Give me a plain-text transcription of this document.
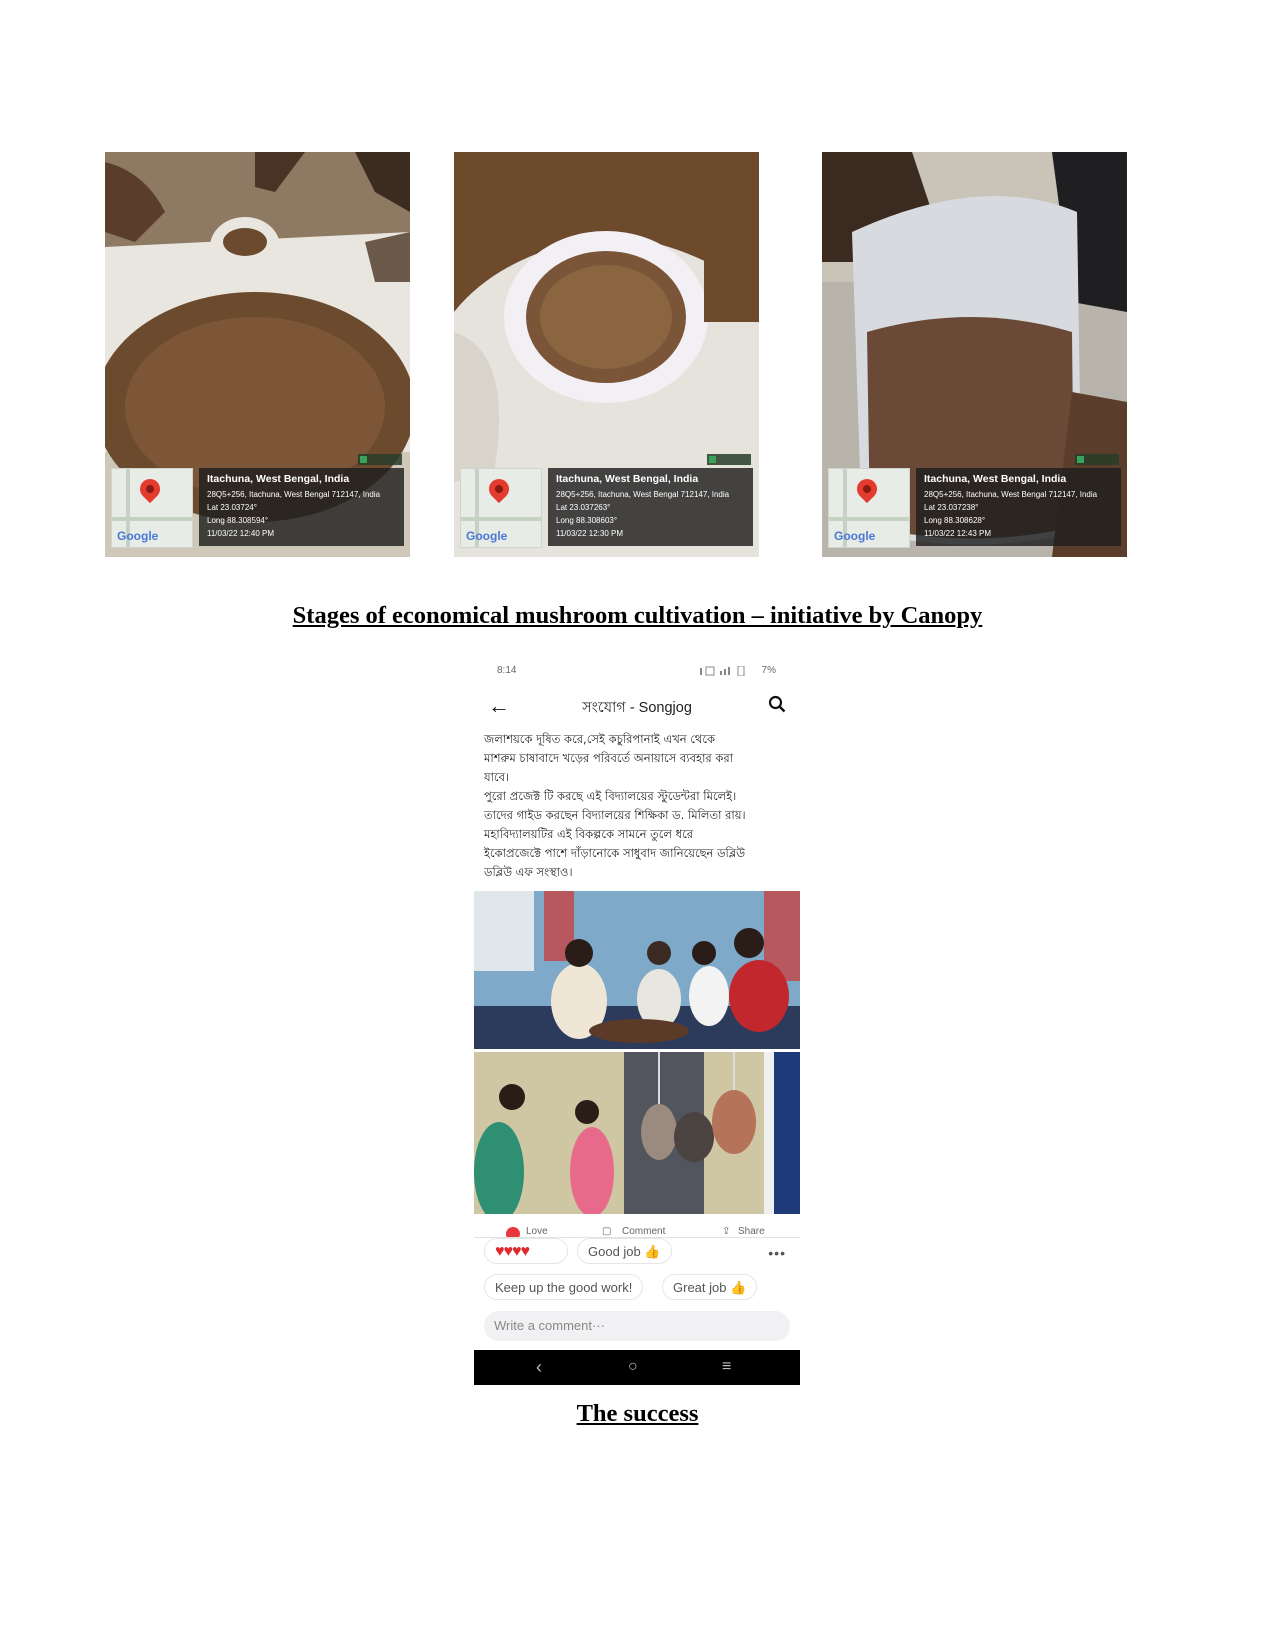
Google
Itachuna, West Bengal, India
28Q5+256, Itachuna, West Bengal 712147, India
Lat 23.03724°
Long 88.308594°
11/03/22 12:40 PM	Google
Itachuna, West Bengal, India
28Q5+256, Itachuna, West Bengal 712147, India
Lat 23.037263°
Long 88.308603°
11/03/22 12:30 PM	Google
Itachuna, West Bengal, India
28Q5+256, Itachuna, West Bengal 712147, India
Lat 23.037238°
Long 88.308628°
11/03/22 12:43 PM
Stages of economical mushroom cultivation – initiative by Canopy
8:14	7%
←	সংযোগ - Songjog

জলাশয়কে দূষিত করে,সেই কচুরিপানাই এখন থেকে

মাশরুম চাষাবাদে খড়ের পরিবর্তে অনায়াসে ব্যবহার করা

যাবে।

পুরো প্রজেক্ট টি করছে এই বিদ্যালয়ের স্টুডেন্টরা মিলেই।

তাদের গাইড করছেন বিদ্যালয়ের শিক্ষিকা ড. মিলিতা রায়।

মহাবিদ্যালয়টির এই বিকল্পকে সামনে তুলে ধরে

ইকোপ্রজেক্টে পাশে দাঁড়ানোকে সাধুবাদ জানিয়েছেন ডব্লিউ

ডব্লিউ এফ সংস্থাও।

Love	▢ Comment	⇪ Share
♥♥♥♥	Good job 👍	•••
Keep up the good work!	Great job 👍
Write a comment···
‹	○	≡
The success
